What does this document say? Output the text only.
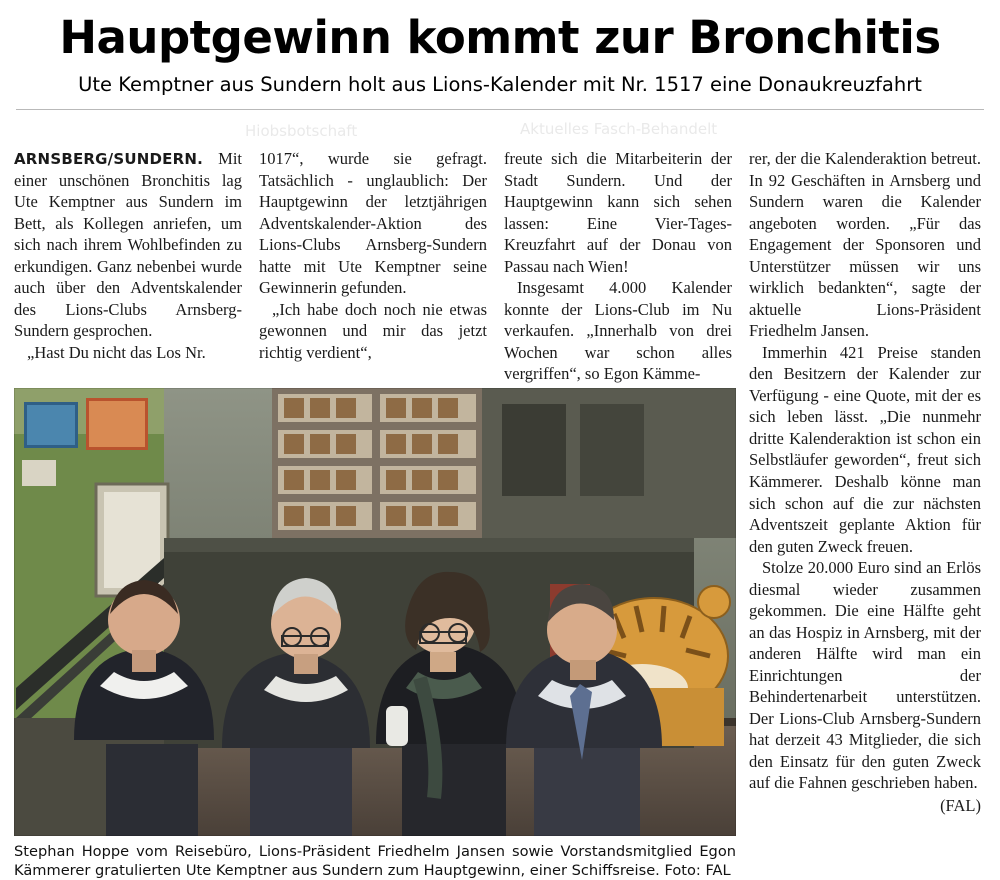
Hiobsbotschaft	Aktuelles Fasch-Behandelt
Hauptgewinn kommt zur Bronchitis
Ute Kemptner aus Sundern holt aus Lions-Kalender mit Nr. 1517 eine Donaukreuzfahrt

ARNSBERG/SUNDERN. Mit einer unschönen Bronchitis lag Ute Kemptner aus Sundern im Bett, als Kollegen anriefen, um sich nach ihrem Wohlbefinden zu erkundigen. Ganz nebenbei wurde auch über den Adventskalender des Lions-Clubs Arnsberg-Sundern gesprochen.

„Hast Du nicht das Los Nr.

1017“, wurde sie gefragt. Tatsächlich - unglaublich: Der Hauptgewinn der letztjährigen Adventskalender-Aktion des Lions-Clubs Arnsberg-Sundern hatte mit Ute Kemptner seine Gewinnerin gefunden.

„Ich habe doch noch nie etwas gewonnen und mir das jetzt richtig verdient“,

freute sich die Mitarbeiterin der Stadt Sundern. Und der Hauptgewinn kann sich sehen lassen: Eine Vier-Tages-Kreuzfahrt auf der Donau von Passau nach Wien!

Insgesamt 4.000 Kalender konnte der Lions-Club im Nu verkaufen. „Innerhalb von drei Wochen war schon alles vergriffen“, so Egon Kämme-

rer, der die Kalenderaktion betreut. In 92 Geschäften in Arnsberg und Sundern waren die Kalender angeboten worden. „Für das Engagement der Sponsoren und Unterstützer müssen wir uns wirklich bedankten“, sagte der aktuelle Lions-Präsident Friedhelm Jansen.

Immerhin 421 Preise standen den Besitzern der Kalender zur Verfügung - eine Quote, mit der es sich leben lässt. „Die nunmehr dritte Kalenderaktion ist schon ein Selbstläufer geworden“, freut sich Kämmerer. Deshalb könne man sich schon auf die zur nächsten Adventszeit geplante Aktion für den guten Zweck freuen.

Stolze 20.000 Euro sind an Erlös diesmal wieder zusammen gekommen. Die eine Hälfte geht an das Hospiz in Arnsberg, mit der anderen Hälfte wird man ein Einrichtungen der Behindertenarbeit unterstützen. Der Lions-Club Arnsberg-Sundern hat derzeit 43 Mitglieder, die sich den Einsatz für den guten Zweck auf die Fahnen geschrieben haben.

(FAL)
Stephan Hoppe vom Reisebüro, Lions-Präsident Friedhelm Jansen sowie Vorstandsmitglied Egon Kämmerer gratulierten Ute Kemptner aus Sundern zum Hauptgewinn, einer Schiffsreise. Foto: FAL
